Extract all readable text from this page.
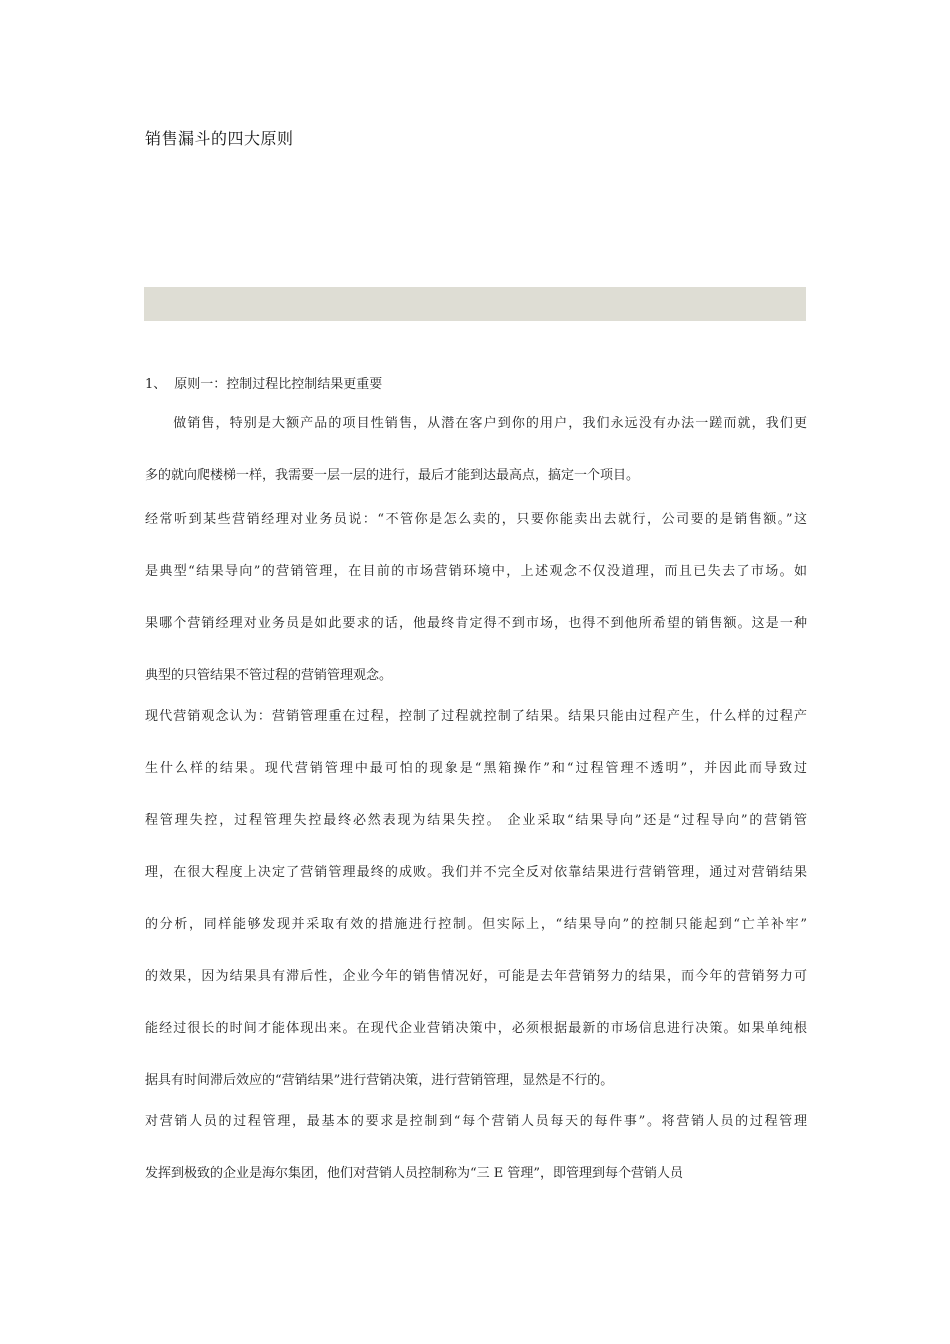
销售漏斗的四大原则
1、 原则一：控制过程比控制结果更重要
　　做销售，特别是大额产品的项目性销售，从潜在客户到你的用户，我们永远没有办法一蹉而就，我们更
多的就向爬楼梯一样，我需要一层一层的进行，最后才能到达最高点，搞定一个项目。
经常听到某些营销经理对业务员说：“不管你是怎么卖的，只要你能卖出去就行，公司要的是销售额。”这
是典型“结果导向”的营销管理，在目前的市场营销环境中，上述观念不仅没道理，而且已失去了市场。如
果哪个营销经理对业务员是如此要求的话，他最终肯定得不到市场，也得不到他所希望的销售额。这是一种
典型的只管结果不管过程的营销管理观念。
现代营销观念认为：营销管理重在过程，控制了过程就控制了结果。结果只能由过程产生，什么样的过程产
生什么样的结果。现代营销管理中最可怕的现象是“黑箱操作”和“过程管理不透明”，并因此而导致过
程管理失控，过程管理失控最终必然表现为结果失控。 企业采取“结果导向”还是“过程导向”的营销管
理，在很大程度上决定了营销管理最终的成败。我们并不完全反对依靠结果进行营销管理，通过对营销结果
的分析，同样能够发现并采取有效的措施进行控制。但实际上，“结果导向”的控制只能起到“亡羊补牢”
的效果，因为结果具有滞后性，企业今年的销售情况好，可能是去年营销努力的结果，而今年的营销努力可
能经过很长的时间才能体现出来。在现代企业营销决策中，必须根据最新的市场信息进行决策。如果单纯根
据具有时间滞后效应的“营销结果”进行营销决策，进行营销管理，显然是不行的。
对营销人员的过程管理，最基本的要求是控制到“每个营销人员每天的每件事”。将营销人员的过程管理
发挥到极致的企业是海尔集团，他们对营销人员控制称为“三 E 管理”，即管理到每个营销人员
